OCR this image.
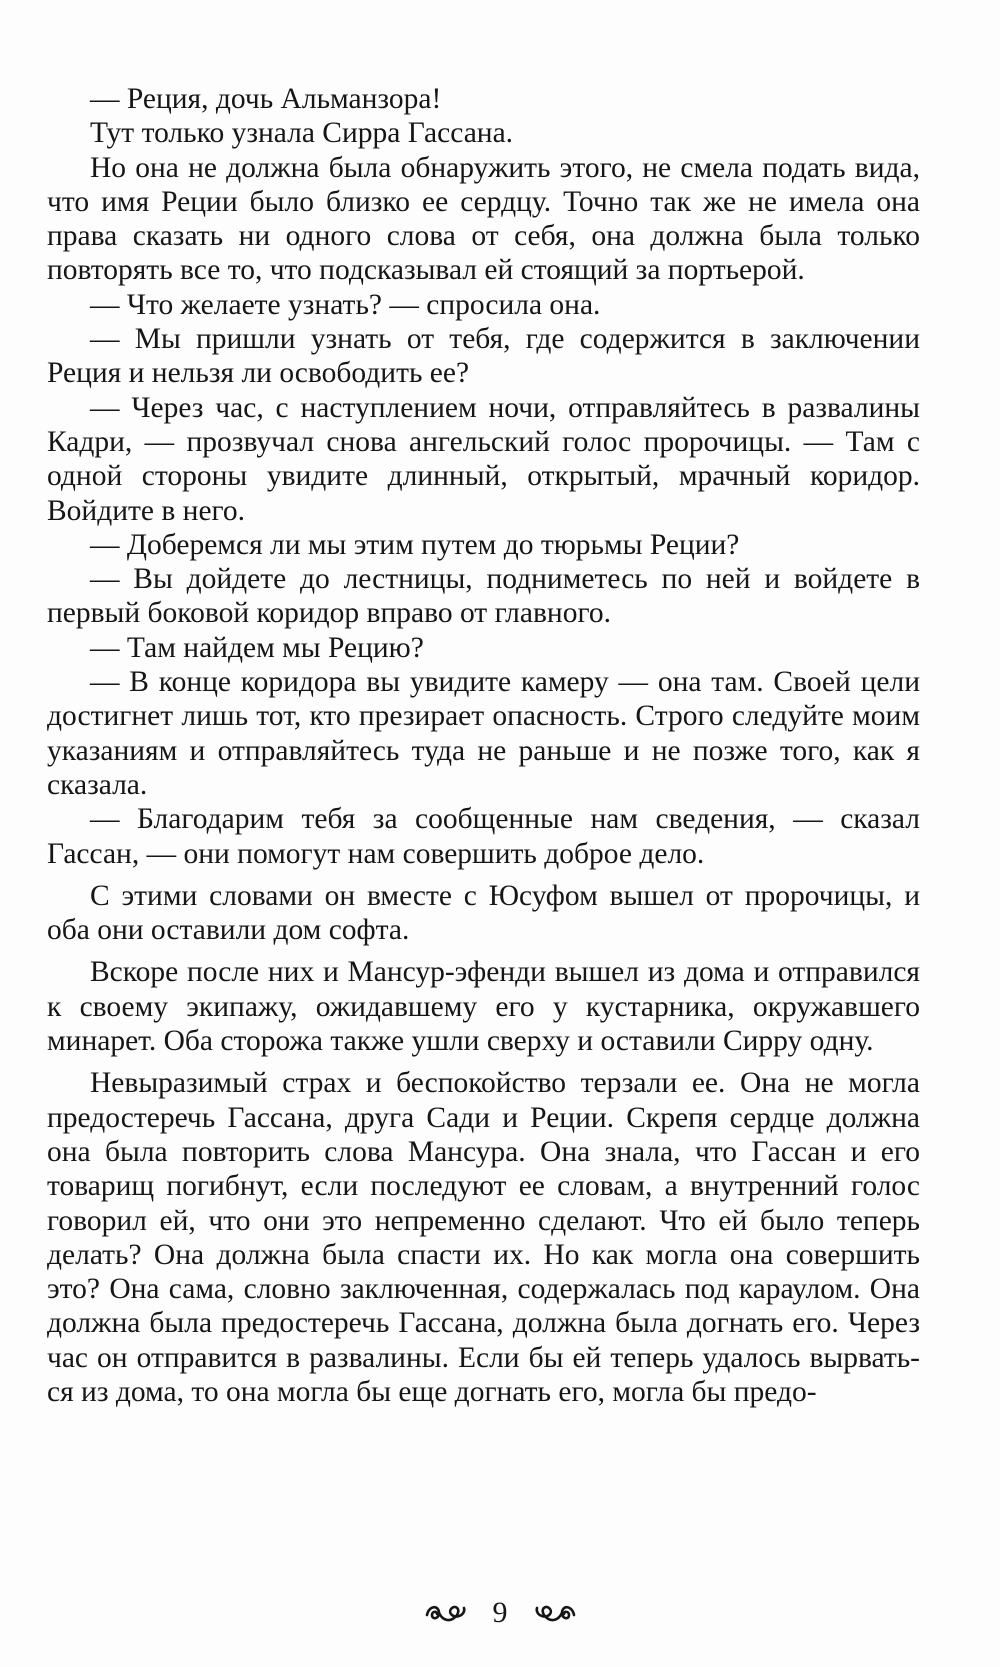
— Реция, дочь Альманзора!

Тут только узнала Сирра Гассана.

Но она не должна была обнаружить этого, не смела подать вида, что имя Реции было близко ее сердцу. Точно так же не имела она права сказать ни одного слова от себя, она должна была только повторять все то, что подсказывал ей стоящий за портьерой.

— Что желаете узнать? — спросила она.

— Мы пришли узнать от тебя, где содержится в заключении Реция и нельзя ли освободить ее?

— Через час, с наступлением ночи, отправляйтесь в развалины Кадри, — прозвучал снова ангельский голос пророчицы. — Там с одной стороны увидите длинный, открытый, мрачный коридор. Войдите в него.

— Доберемся ли мы этим путем до тюрьмы Реции?

— Вы дойдете до лестницы, подниметесь по ней и войдете в первый боковой коридор вправо от главного.

— Там найдем мы Рецию?

— В конце коридора вы увидите камеру — она там. Своей цели достигнет лишь тот, кто презирает опасность. Строго следуйте моим указаниям и отправляйтесь туда не раньше и не позже того, как я сказала.

— Благодарим тебя за сообщенные нам сведения, — сказал Гассан, — они помогут нам совершить доброе дело.

С этими словами он вместе с Юсуфом вышел от пророчицы, и оба они оставили дом софта.

Вскоре после них и Мансур-эфенди вышел из дома и отправился к своему экипажу, ожидавшему его у кустарника, окружавшего минарет. Оба сторожа также ушли сверху и оставили Сирру одну.

Невыразимый страх и беспокойство терзали ее. Она не могла предостеречь Гассана, друга Сади и Реции. Скрепя сердце должна она была повторить слова Мансура. Она знала, что Гассан и его товарищ погибнут, если последуют ее словам, а внутренний голос говорил ей, что они это непременно сделают. Что ей было теперь делать? Она должна была спасти их. Но как могла она совершить это? Она сама, словно заключенная, содержалась под караулом. Она должна была предостеречь Гассана, должна была догнать его. Через час он отправится в развалины. Если бы ей теперь удалось вырваться из дома, то она могла бы еще догнать его, могла бы предо-

9
